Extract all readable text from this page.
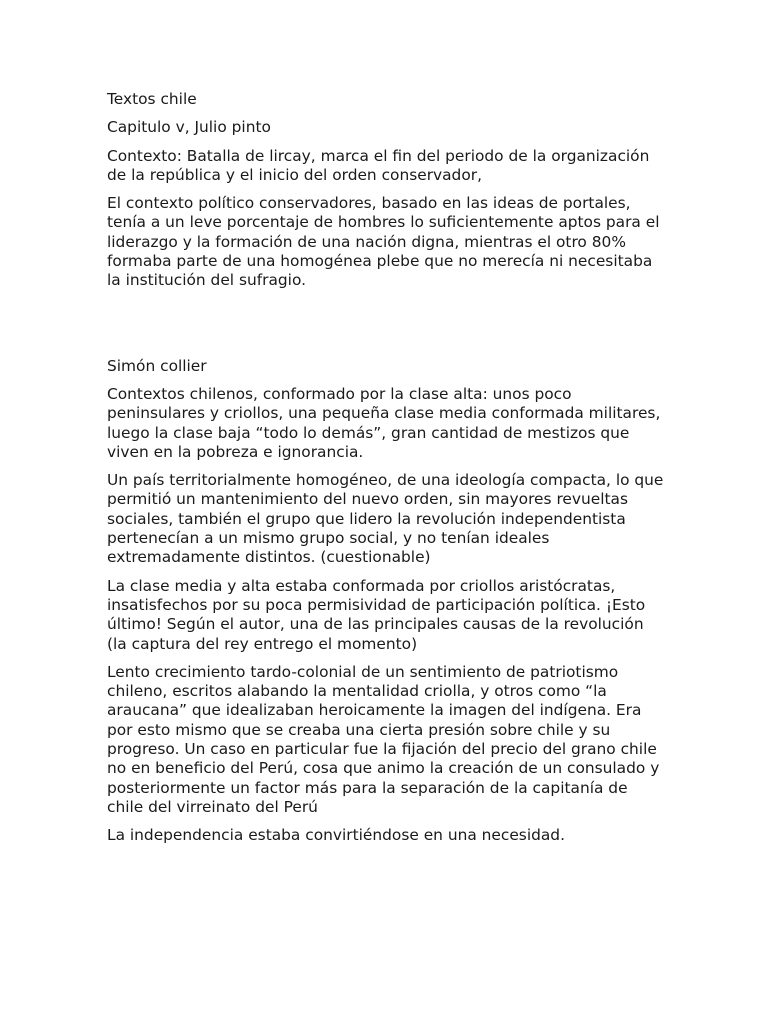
Textos chile

Capitulo v, Julio pinto

Contexto: Batalla de lircay, marca el fin del periodo de la organización de la república y el inicio del orden conservador,

El contexto político conservadores, basado en las ideas de portales, tenía a un leve porcentaje de hombres lo suficientemente aptos para el liderazgo y la formación de una nación digna, mientras el otro 80% formaba parte de una homogénea plebe que no merecía ni necesitaba la institución del sufragio.

Simón collier

Contextos chilenos, conformado por la clase alta: unos poco peninsulares y criollos, una pequeña clase media conformada militares, luego la clase baja “todo lo demás”, gran cantidad de mestizos que viven en la pobreza e ignorancia.

Un país territorialmente homogéneo, de una ideología compacta, lo que permitió un mantenimiento del nuevo orden, sin mayores revueltas sociales, también el grupo que lidero la revolución independentista pertenecían a un mismo grupo social, y no tenían ideales extremadamente distintos. (cuestionable)

La clase media y alta estaba conformada por criollos aristócratas, insatisfechos por su poca permisividad de participación política. ¡Esto último! Según el autor, una de las principales causas de la revolución (la captura del rey entrego el momento)

Lento crecimiento tardo-colonial de un sentimiento de patriotismo chileno, escritos alabando la mentalidad criolla, y otros como “la araucana” que idealizaban heroicamente la imagen del indígena. Era por esto mismo que se creaba una cierta presión sobre chile y su progreso. Un caso en particular fue la fijación del precio del grano chile no en beneficio del Perú, cosa que animo la creación de un consulado y posteriormente un factor más para la separación de la capitanía de chile del virreinato del Perú

La independencia estaba convirtiéndose en una necesidad.
